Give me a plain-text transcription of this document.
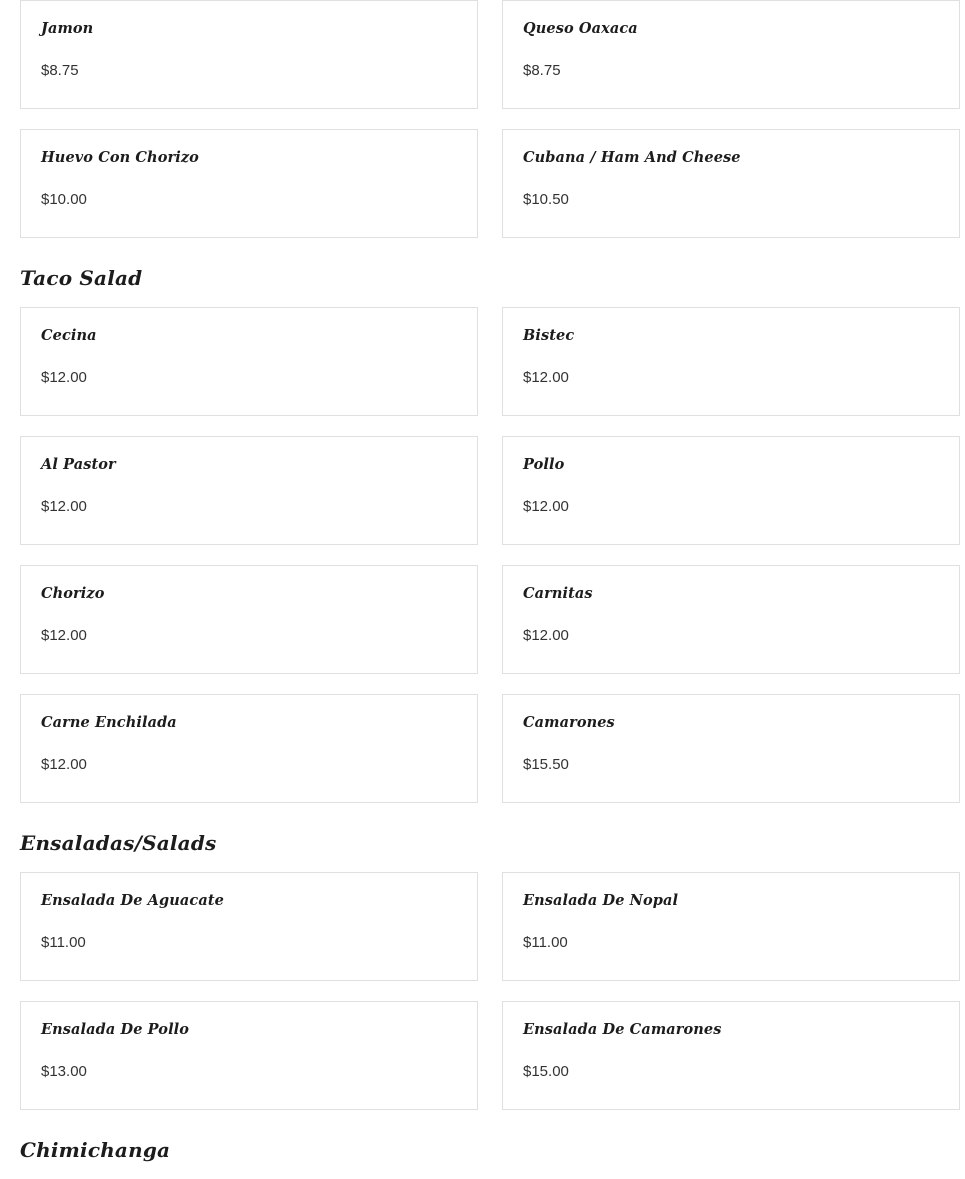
Jamon
$8.75
Queso Oaxaca
$8.75
Huevo Con Chorizo
$10.00
Cubana / Ham And Cheese
$10.50
Taco Salad
Cecina
$12.00
Bistec
$12.00
Al Pastor
$12.00
Pollo
$12.00
Chorizo
$12.00
Carnitas
$12.00
Carne Enchilada
$12.00
Camarones
$15.50
Ensaladas/Salads
Ensalada De Aguacate
$11.00
Ensalada De Nopal
$11.00
Ensalada De Pollo
$13.00
Ensalada De Camarones
$15.00
Chimichanga
